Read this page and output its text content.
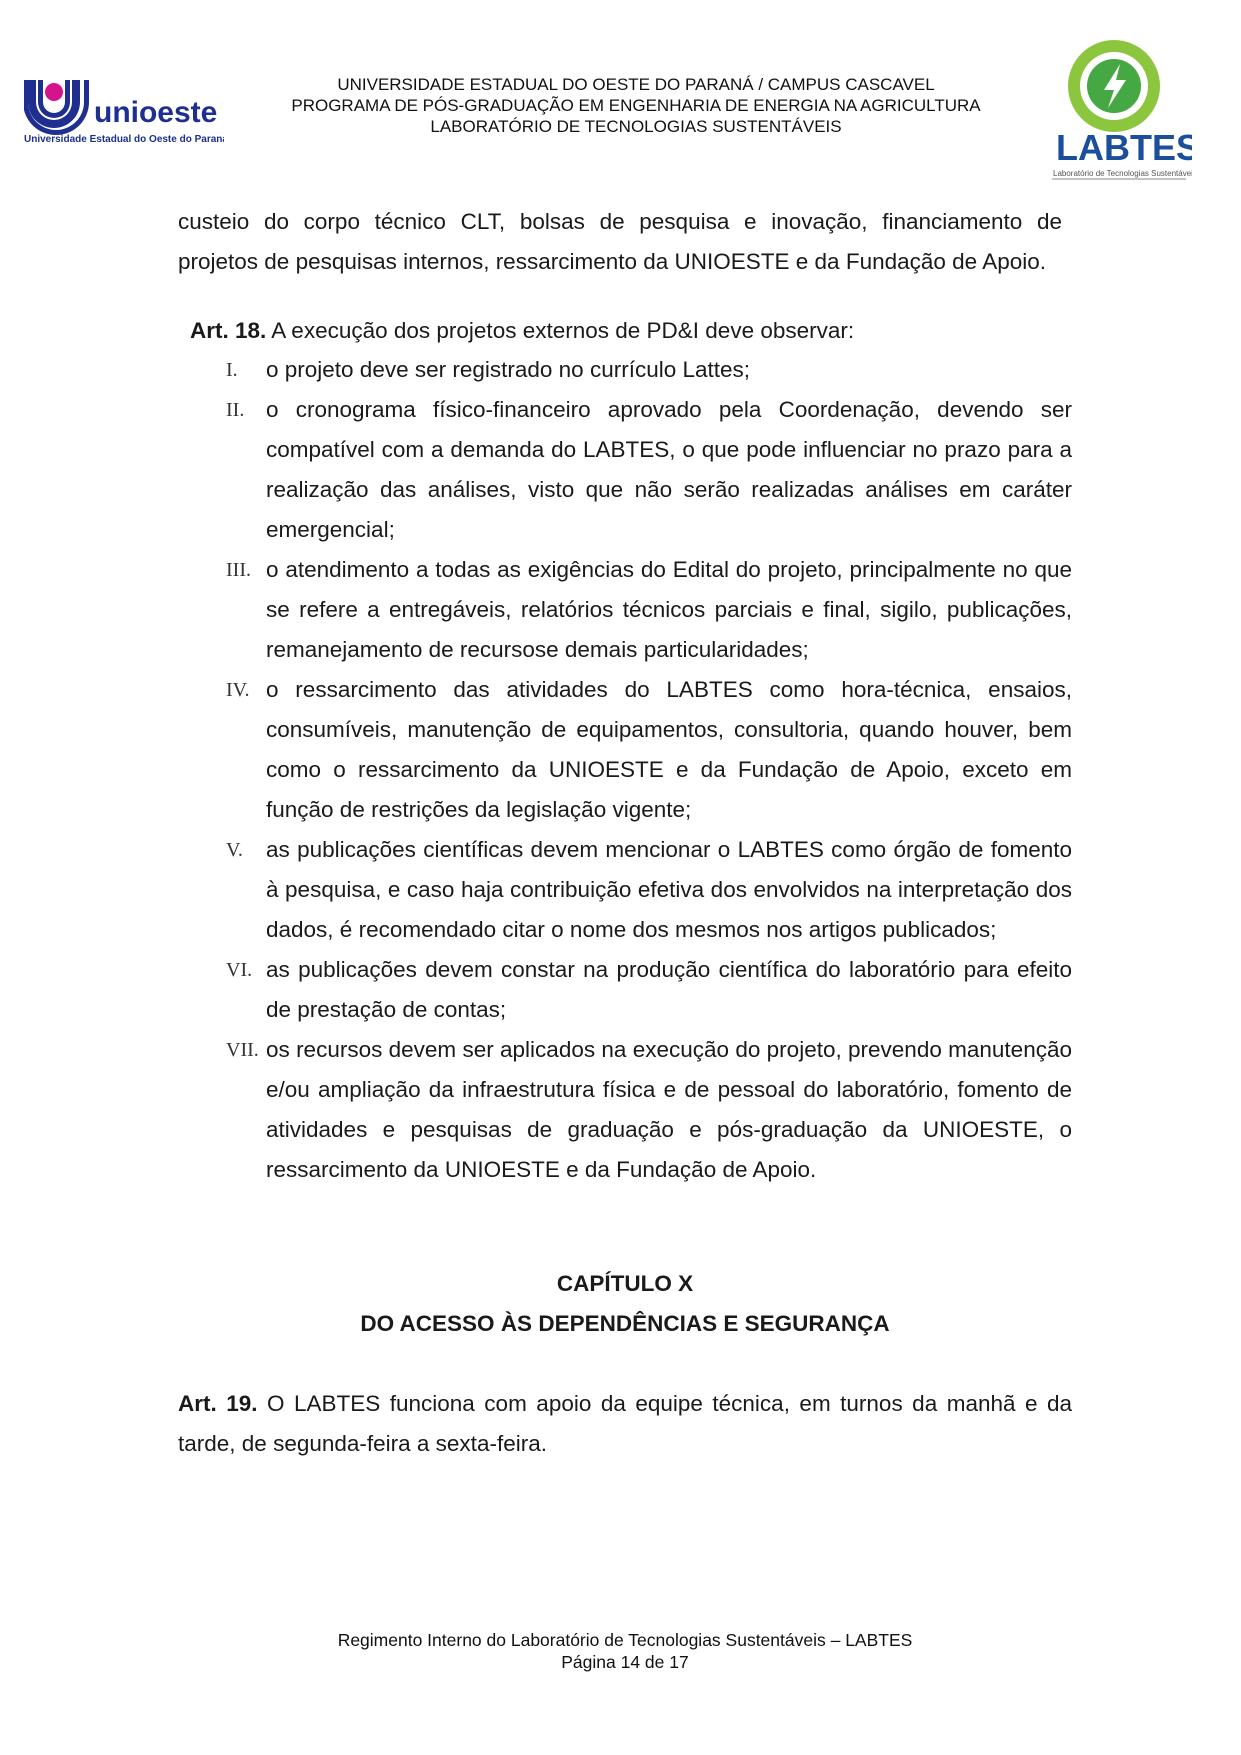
unioeste
Universidade Estadual do Oeste do Paraná
UNIVERSIDADE ESTADUAL DO OESTE DO PARANÁ / CAMPUS CASCAVEL
PROGRAMA DE PÓS-GRADUAÇÃO EM ENGENHARIA DE ENERGIA NA AGRICULTURA
LABORATÓRIO DE TECNOLOGIAS SUSTENTÁVEIS
LABTES
Laboratório de Tecnologias Sustentáveis
custeio do corpo técnico CLT, bolsas de pesquisa e inovação, financiamento de
projetos de pesquisas internos, ressarcimento da UNIOESTE e da Fundação de Apoio.
Art. 18. A execução dos projetos externos de PD&I deve observar:
I.	o projeto deve ser registrado no currículo Lattes;
II. o cronograma físico-financeiro aprovado pela Coordenação, devendo ser compatível com a demanda do LABTES, o que pode influenciar no prazo para a realização das análises, visto que não serão realizadas análises em caráter emergencial;
III. o atendimento a todas as exigências do Edital do projeto, principalmente no que se refere a entregáveis, relatórios técnicos parciais e final, sigilo, publicações, remanejamento de recursose demais particularidades;
IV. o ressarcimento das atividades do LABTES como hora-técnica, ensaios, consumíveis, manutenção de equipamentos, consultoria, quando houver, bem como o ressarcimento da UNIOESTE e da Fundação de Apoio, exceto em função de restrições da legislação vigente;
V.	as publicações científicas devem mencionar o LABTES como órgão de fomento à pesquisa, e caso haja contribuição efetiva dos envolvidos na interpretação dos dados, é recomendado citar o nome dos mesmos nos artigos publicados;
VI. as publicações devem constar na produção científica do laboratório para efeito de prestação de contas;
VII. os recursos devem ser aplicados na execução do projeto, prevendo manutenção e/ou ampliação da infraestrutura física e de pessoal do laboratório, fomento de atividades e pesquisas de graduação e pós-graduação da UNIOESTE, o ressarcimento da UNIOESTE e da Fundação de Apoio.
CAPÍTULO X
DO ACESSO ÀS DEPENDÊNCIAS E SEGURANÇA
Art. 19. O LABTES funciona com apoio da equipe técnica, em turnos da manhã e da tarde, de segunda-feira a sexta-feira.
Regimento Interno do Laboratório de Tecnologias Sustentáveis – LABTES
Página 14 de 17
